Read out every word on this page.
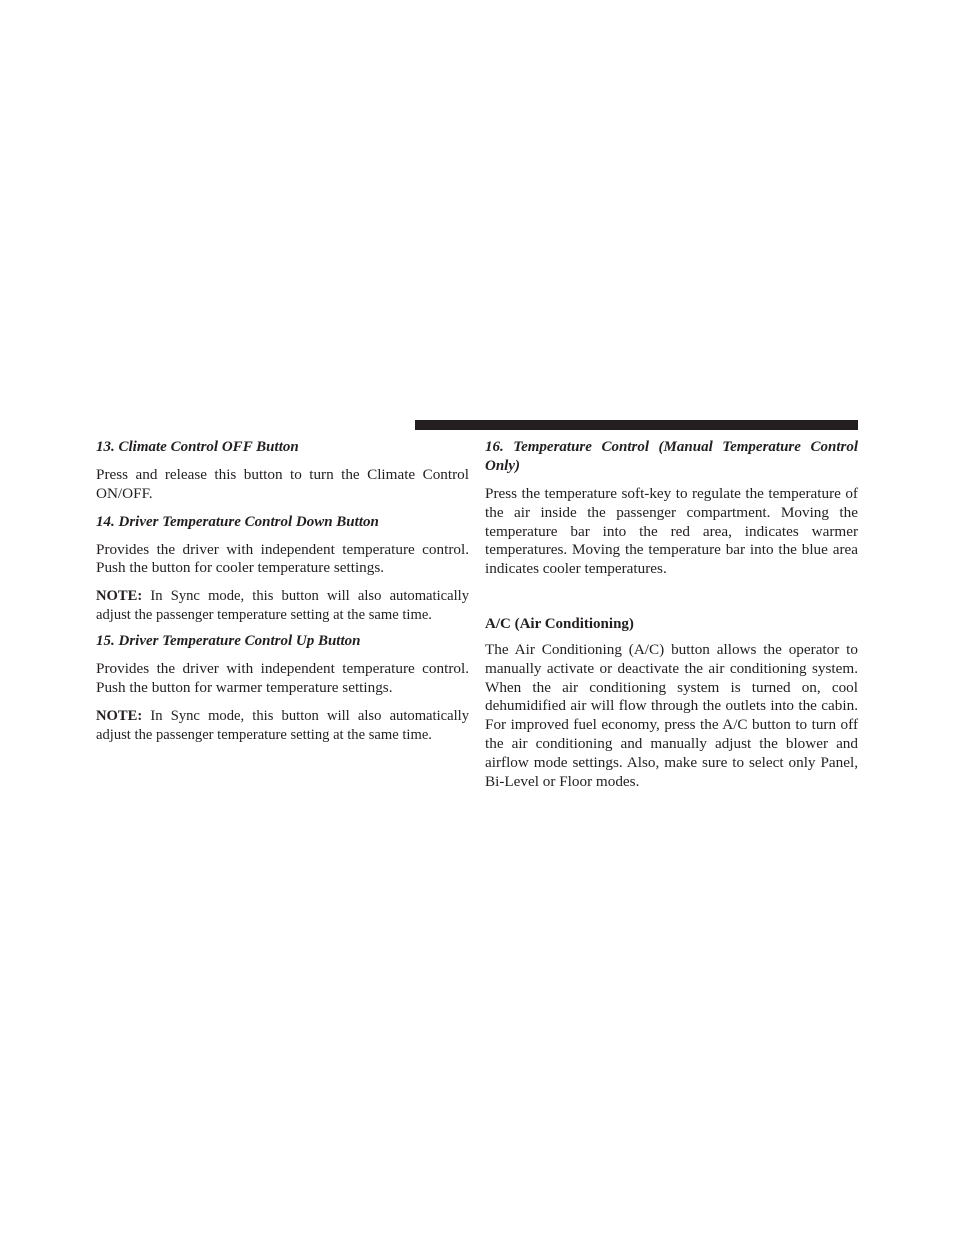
13. Climate Control OFF Button

Press and release this button to turn the Climate Control ON/OFF.

14. Driver Temperature Control Down Button

Provides the driver with independent temperature control. Push the button for cooler temperature settings.

NOTE: In Sync mode, this button will also automatically adjust the passenger temperature setting at the same time.

15. Driver Temperature Control Up Button

Provides the driver with independent temperature control. Push the button for warmer temperature settings.

NOTE: In Sync mode, this button will also automatically adjust the passenger temperature setting at the same time.

16. Temperature Control (Manual Temperature Control Only)

Press the temperature soft-key to regulate the temperature of the air inside the passenger compartment. Moving the temperature bar into the red area, indicates warmer temperatures. Moving the temperature bar into the blue area indicates cooler temperatures.

A/C (Air Conditioning)

The Air Conditioning (A/C) button allows the operator to manually activate or deactivate the air conditioning system. When the air conditioning system is turned on, cool dehumidified air will flow through the outlets into the cabin. For improved fuel economy, press the A/C button to turn off the air conditioning and manually adjust the blower and airflow mode settings. Also, make sure to select only Panel, Bi-Level or Floor modes.
